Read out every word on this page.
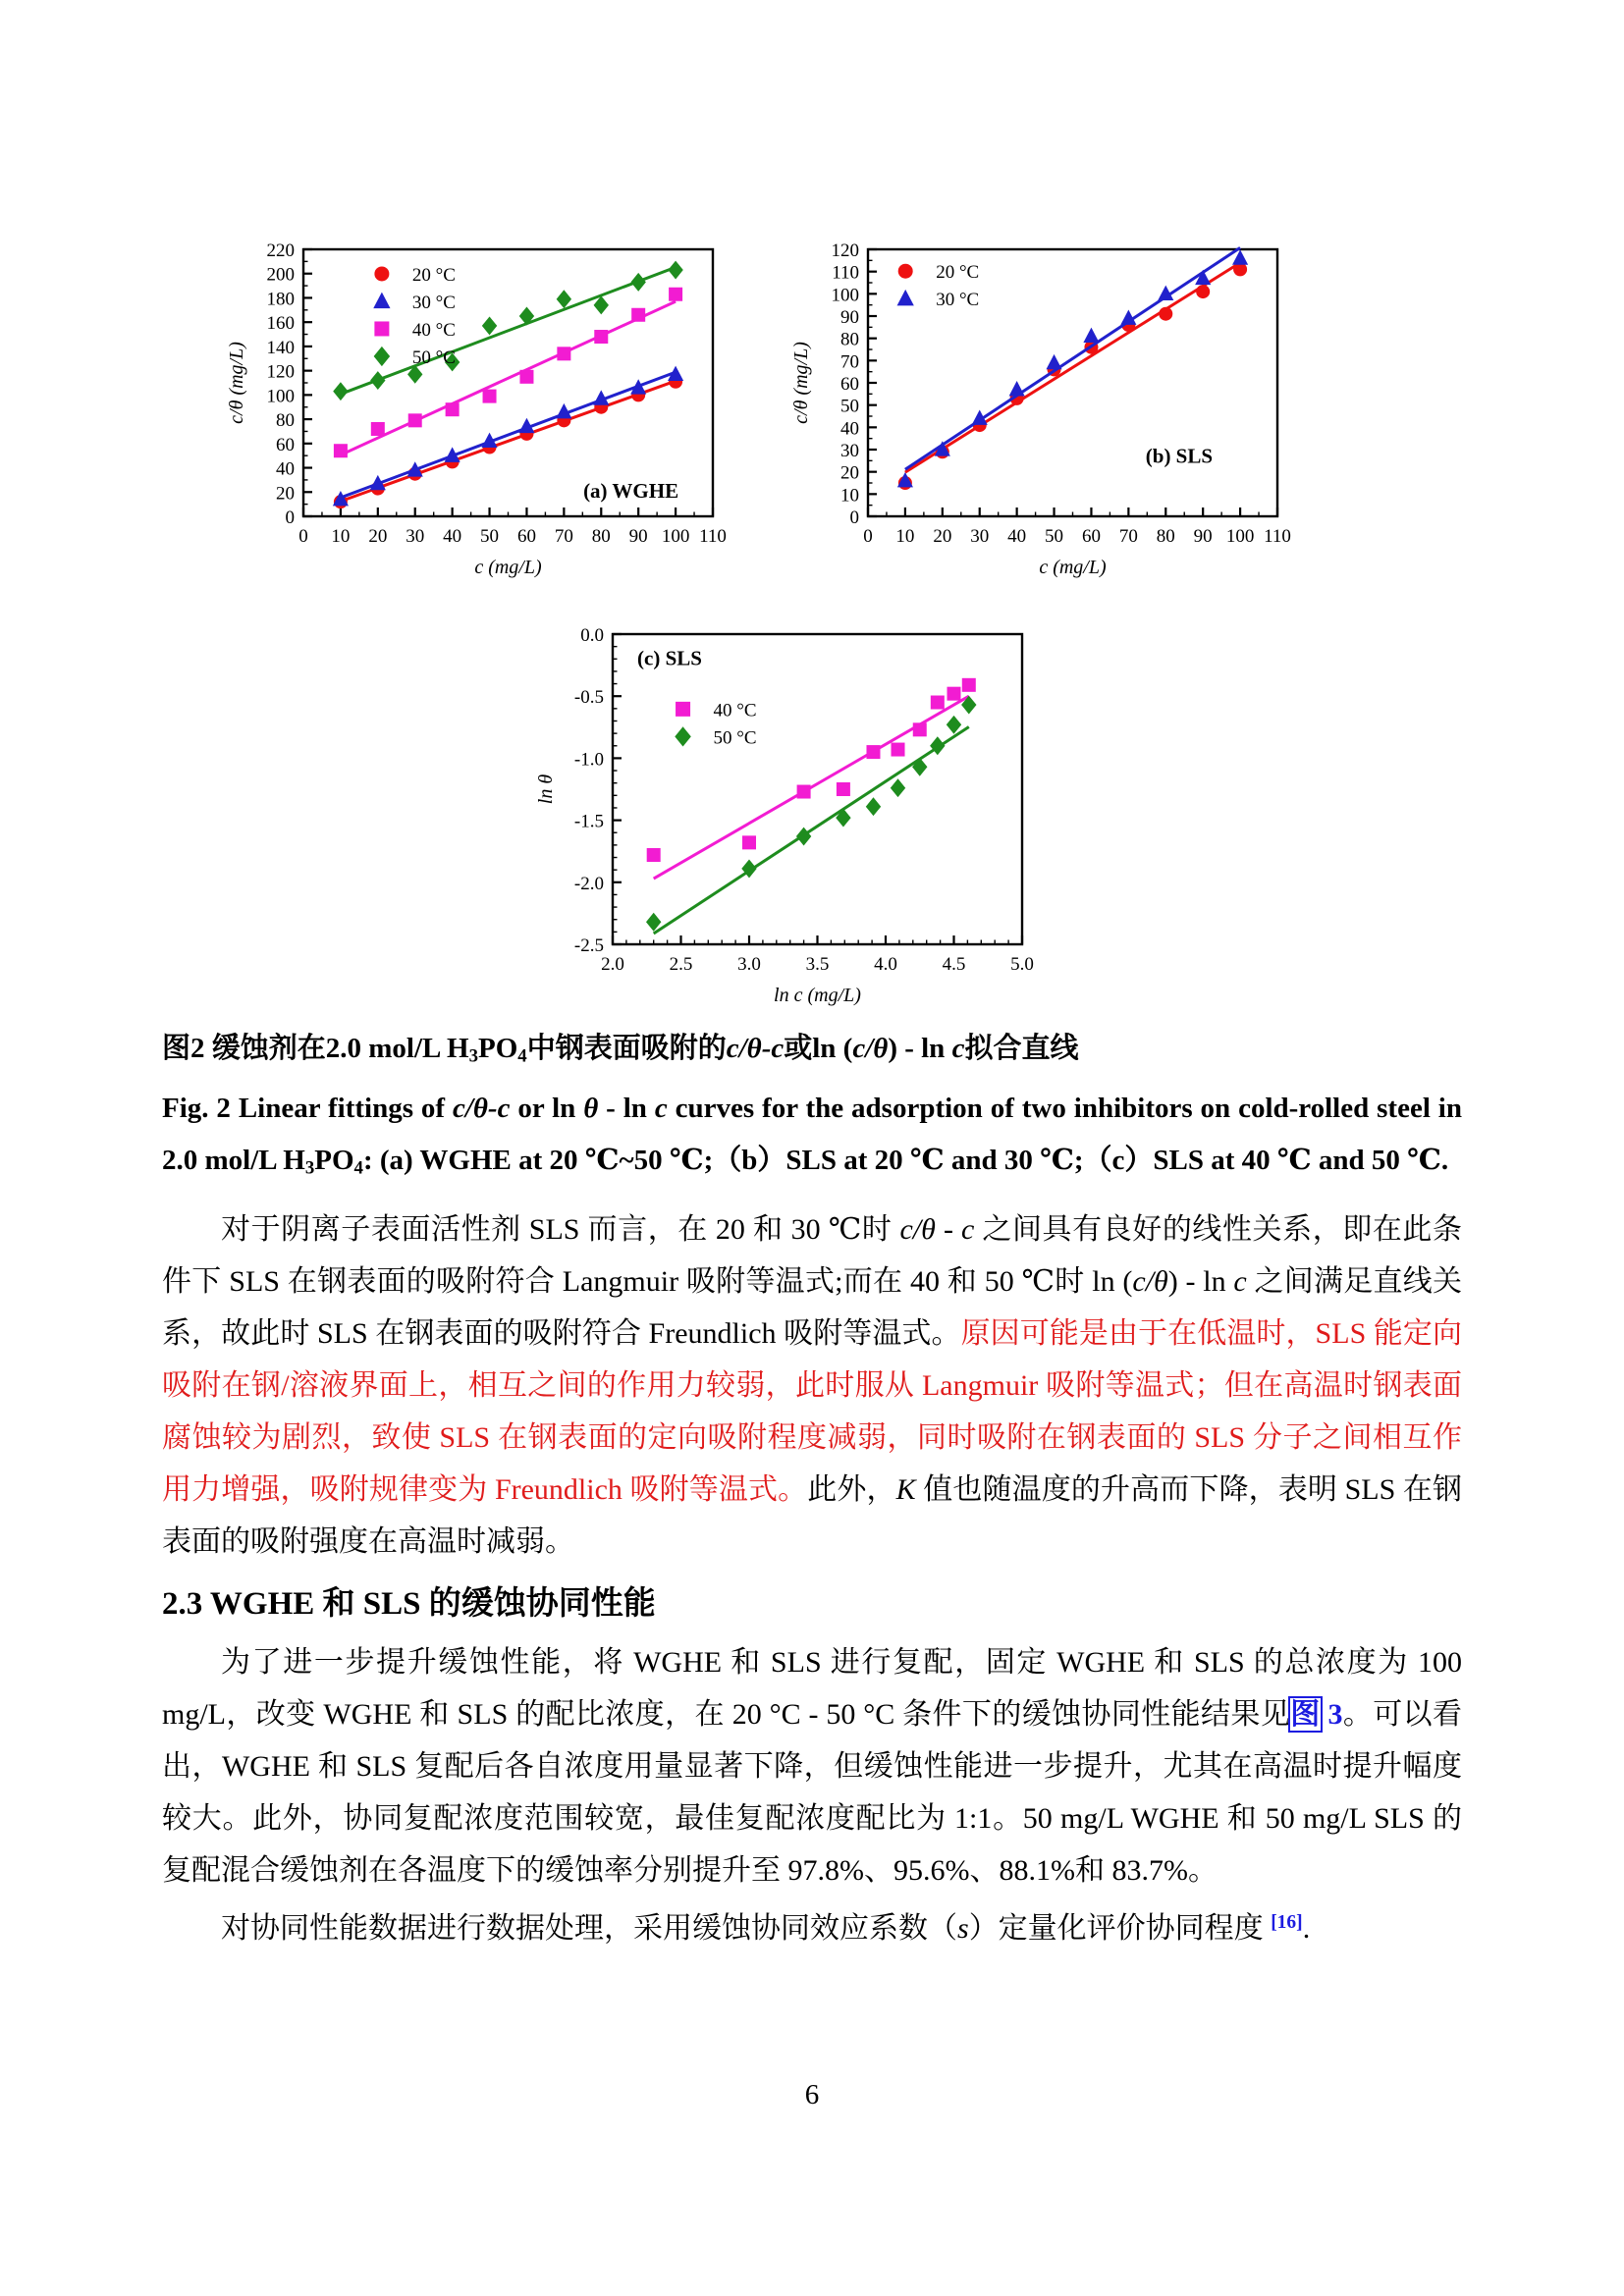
0 10 20 30 40 50 60 70 80 90 100 110
0
20
40
60
80
100
120
140
160
180
200
220
c (mg/L)
c/θ (mg/L)
20 °C
30 °C
40 °C
50 °C
(a) WGHE
0 10 20 30 40 50 60 70 80 90 100 110
0
10
20
30
40
50
60
70
80
90
100
110
120
c (mg/L)
c/θ (mg/L)
20 °C
30 °C
(b) SLS
2.0 2.5 3.0 3.5 4.0 4.5 5.0
-2.5
-2.0
-1.5
-1.0
-0.5
0.0
ln c (mg/L)
ln θ
40 °C
50 °C
(c) SLS

图2 缓蚀剂在2.0 mol/L H3PO4中钢表面吸附的c/θ-c或ln (c/θ) - ln c拟合直线

Fig. 2 Linear fittings of c/θ-c or ln θ - ln c curves for the adsorption of two inhibitors on cold-rolled steel in 2.0 mol/L H3PO4: (a) WGHE at 20 ℃~50 ℃;（b）SLS at 20 ℃ and 30 ℃;（c）SLS at 40 ℃ and 50 ℃.

对于阴离子表面活性剂 SLS 而言，在 20 和 30 ℃时 c/θ - c 之间具有良好的线性关系，即在此条件下 SLS 在钢表面的吸附符合 Langmuir 吸附等温式;而在 40 和 50 ℃时 ln (c/θ) - ln c 之间满足直线关系，故此时 SLS 在钢表面的吸附符合 Freundlich 吸附等温式。原因可能是由于在低温时，SLS 能定向吸附在钢/溶液界面上，相互之间的作用力较弱，此时服从 Langmuir 吸附等温式；但在高温时钢表面腐蚀较为剧烈，致使 SLS 在钢表面的定向吸附程度减弱，同时吸附在钢表面的 SLS 分子之间相互作用力增强，吸附规律变为 Freundlich 吸附等温式。此外，K 值也随温度的升高而下降，表明 SLS 在钢表面的吸附强度在高温时减弱。

2.3 WGHE 和 SLS 的缓蚀协同性能

为了进一步提升缓蚀性能，将 WGHE 和 SLS 进行复配，固定 WGHE 和 SLS 的总浓度为 100 mg/L，改变 WGHE 和 SLS 的配比浓度，在 20 °C - 50 °C 条件下的缓蚀协同性能结果见图 3。可以看出，WGHE 和 SLS 复配后各自浓度用量显著下降，但缓蚀性能进一步提升，尤其在高温时提升幅度较大。此外，协同复配浓度范围较宽，最佳复配浓度配比为 1:1。50 mg/L WGHE 和 50 mg/L SLS 的复配混合缓蚀剂在各温度下的缓蚀率分别提升至 97.8%、95.6%、88.1%和 83.7%。

对协同性能数据进行数据处理，采用缓蚀协同效应系数（s）定量化评价协同程度 [16].

6
